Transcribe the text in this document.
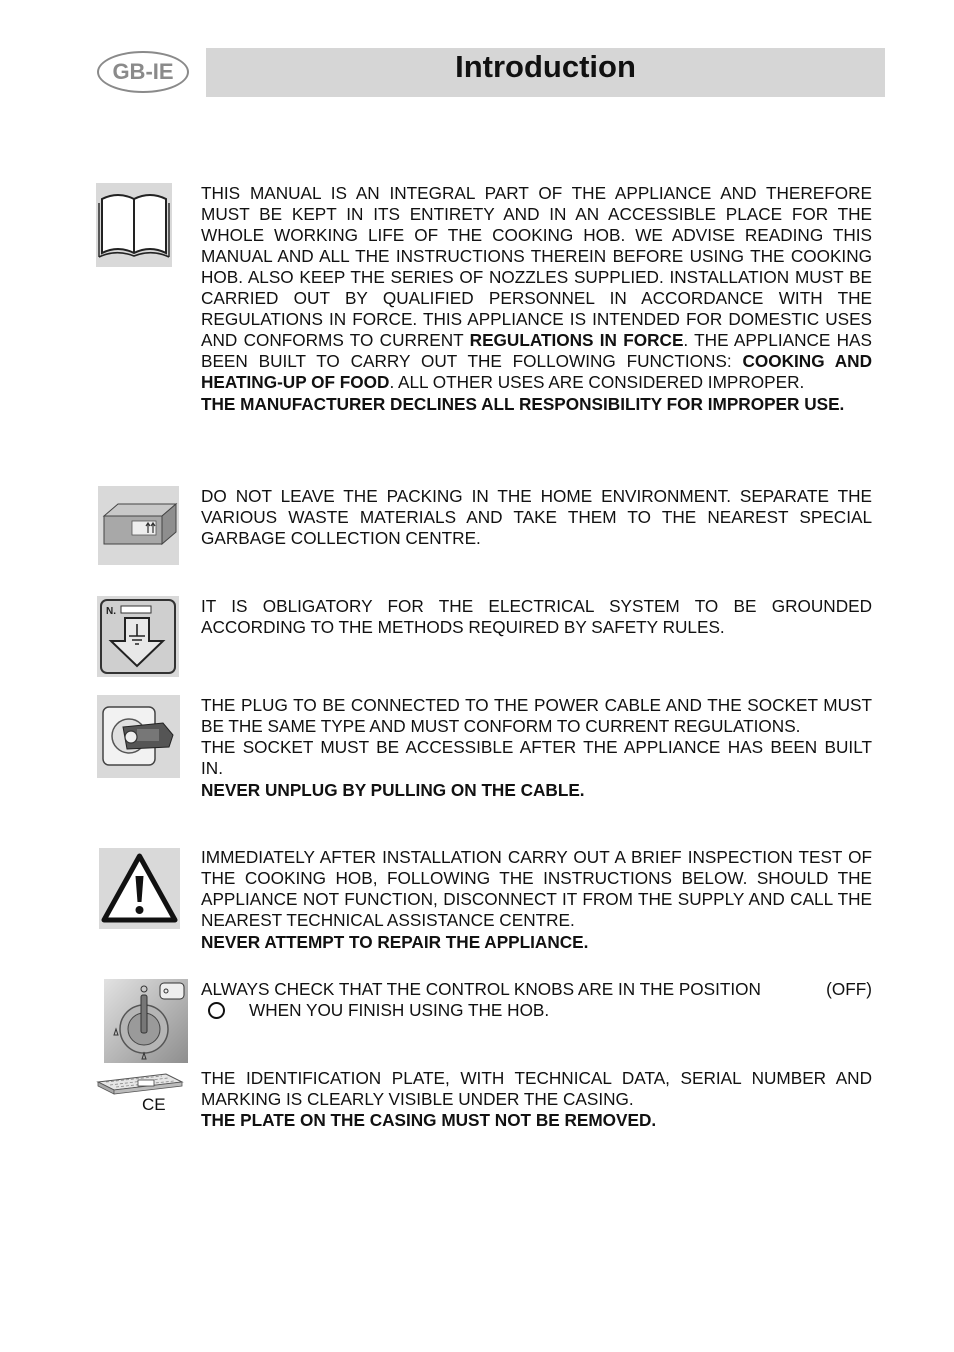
GB-IE	Introduction

THIS MANUAL IS AN INTEGRAL PART OF THE APPLIANCE AND THEREFORE MUST BE KEPT IN ITS ENTIRETY AND IN AN ACCESSIBLE PLACE FOR THE WHOLE WORKING LIFE OF THE COOKING HOB. WE ADVISE READING THIS MANUAL AND ALL THE INSTRUCTIONS THEREIN BEFORE USING THE COOKING HOB. ALSO KEEP THE SERIES OF NOZZLES SUPPLIED. INSTALLATION MUST BE CARRIED OUT BY QUALIFIED PERSONNEL IN ACCORDANCE WITH THE REGULATIONS IN FORCE. THIS APPLIANCE IS INTENDED FOR DOMESTIC USES AND CONFORMS TO CURRENT REGULATIONS IN FORCE. THE APPLIANCE HAS BEEN BUILT TO CARRY OUT THE FOLLOWING FUNCTIONS: COOKING AND HEATING-UP OF FOOD. ALL OTHER USES ARE CONSIDERED IMPROPER.

THE MANUFACTURER DECLINES ALL RESPONSIBILITY FOR IMPROPER USE.

DO NOT LEAVE THE PACKING IN THE HOME ENVIRONMENT. SEPARATE THE VARIOUS WASTE MATERIALS AND TAKE THEM TO THE NEAREST SPECIAL GARBAGE COLLECTION CENTRE.

N.	IT IS OBLIGATORY FOR THE ELECTRICAL SYSTEM TO BE GROUNDED ACCORDING TO THE METHODS REQUIRED BY SAFETY RULES.

THE PLUG TO BE CONNECTED TO THE POWER CABLE AND THE SOCKET MUST BE THE SAME TYPE AND MUST CONFORM TO CURRENT REGULATIONS.

THE SOCKET MUST BE ACCESSIBLE AFTER THE APPLIANCE HAS BEEN BUILT IN.

NEVER UNPLUG BY PULLING ON THE CABLE.

IMMEDIATELY AFTER INSTALLATION CARRY OUT A BRIEF INSPECTION TEST OF THE COOKING HOB, FOLLOWING THE INSTRUCTIONS BELOW. SHOULD THE APPLIANCE NOT FUNCTION, DISCONNECT IT FROM THE SUPPLY AND CALL THE NEAREST TECHNICAL ASSISTANCE CENTRE.

NEVER ATTEMPT TO REPAIR THE APPLIANCE.

ALWAYS CHECK THAT THE CONTROL KNOBS ARE IN THE POSITION	(OFF)
WHEN YOU FINISH USING THE HOB.
CE

THE IDENTIFICATION PLATE, WITH TECHNICAL DATA, SERIAL NUMBER AND MARKING IS CLEARLY VISIBLE UNDER THE CASING.

THE PLATE ON THE CASING MUST NOT BE REMOVED.
